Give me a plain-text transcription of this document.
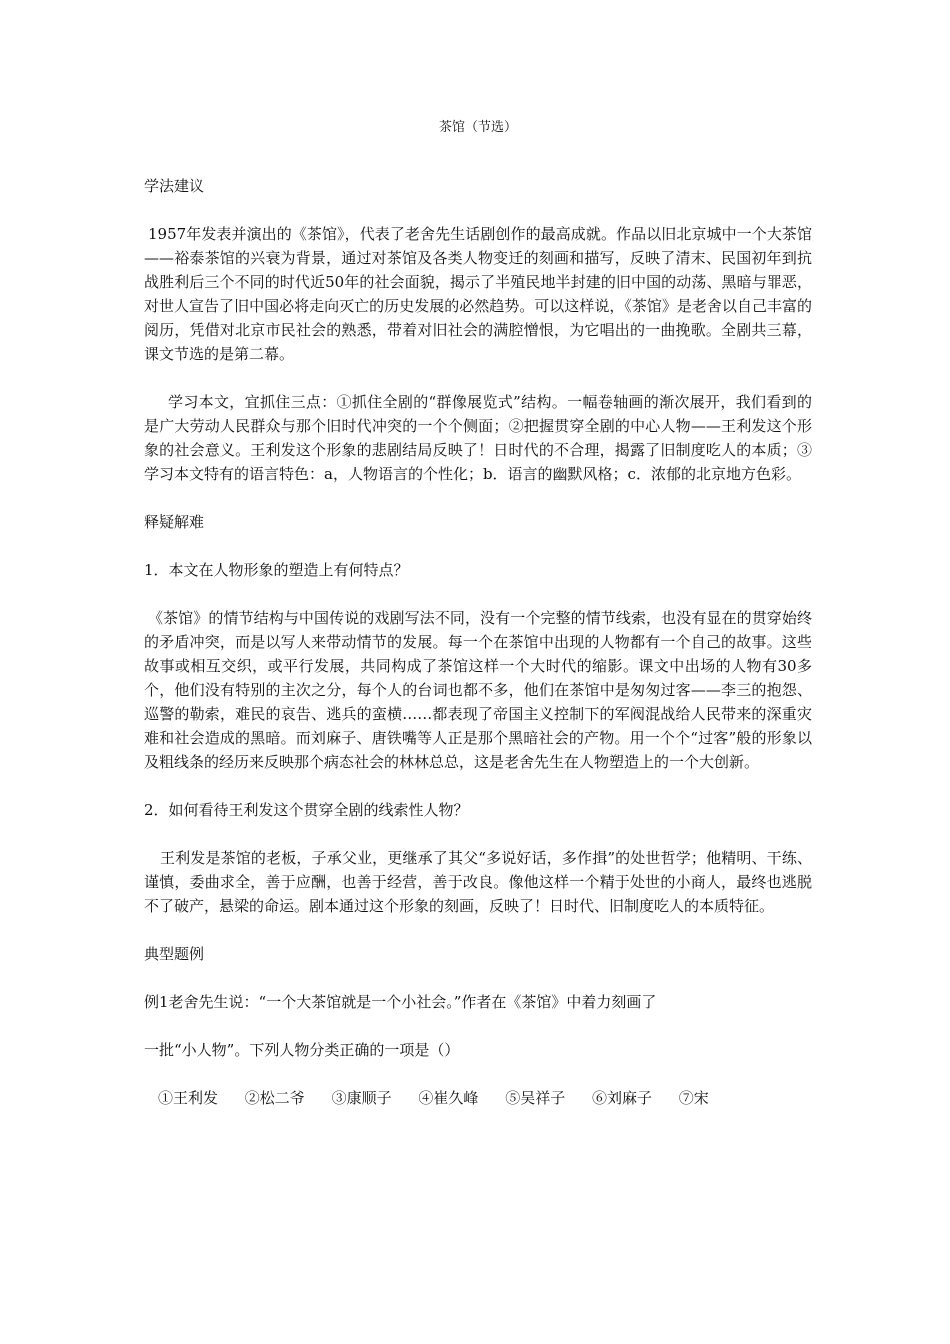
茶馆（节选）
学法建议
1957年发表并演出的《茶馆》，代表了老舍先生话剧创作的最高成就。作品以旧北京城中一个大茶馆——裕泰茶馆的兴衰为背景，通过对茶馆及各类人物变迁的刻画和描写，反映了清末、民国初年到抗战胜利后三个不同的时代近50年的社会面貌，揭示了半殖民地半封建的旧中国的动荡、黑暗与罪恶，对世人宣告了旧中国必将走向灭亡的历史发展的必然趋势。可以这样说，《茶馆》是老舍以自己丰富的阅历，凭借对北京市民社会的熟悉，带着对旧社会的满腔憎恨，为它唱出的一曲挽歌。全剧共三幕，课文节选的是第二幕。
学习本文，宜抓住三点：①抓住全剧的“群像展览式”结构。一幅卷轴画的渐次展开，我们看到的是广大劳动人民群众与那个旧时代冲突的一个个侧面；②把握贯穿全剧的中心人物——王利发这个形象的社会意义。王利发这个形象的悲剧结局反映了！日时代的不合理，揭露了旧制度吃人的本质；③学习本文特有的语言特色：a，人物语言的个性化；b．语言的幽默风格；c．浓郁的北京地方色彩。
释疑解难
1．本文在人物形象的塑造上有何特点？
《茶馆》的情节结构与中国传说的戏剧写法不同，没有一个完整的情节线索，也没有显在的贯穿始终的矛盾冲突，而是以写人来带动情节的发展。每一个在茶馆中出现的人物都有一个自己的故事。这些故事或相互交织，或平行发展，共同构成了茶馆这样一个大时代的缩影。课文中出场的人物有30多个，他们没有特别的主次之分，每个人的台词也都不多，他们在茶馆中是匆匆过客——李三的抱怨、巡警的勒索，难民的哀告、逃兵的蛮横……都表现了帝国主义控制下的军阀混战给人民带来的深重灾难和社会造成的黑暗。而刘麻子、唐铁嘴等人正是那个黑暗社会的产物。用一个个“过客”般的形象以及粗线条的经历来反映那个病态社会的林林总总，这是老舍先生在人物塑造上的一个大创新。
2．如何看待王利发这个贯穿全剧的线索性人物？
王利发是茶馆的老板，子承父业，更继承了其父“多说好话，多作揖”的处世哲学；他精明、干练、谨慎，委曲求全，善于应酬，也善于经营，善于改良。像他这样一个精于处世的小商人，最终也逃脱不了破产，悬梁的命运。剧本通过这个形象的刻画，反映了！日时代、旧制度吃人的本质特征。
典型题例
例1老舍先生说：“一个大茶馆就是一个小社会。”作者在《茶馆》中着力刻画了
一批“小人物”。下列人物分类正确的一项是（）
①王利发 ②松二爷 ③康顺子 ④崔久峰 ⑤吴祥子 ⑥刘麻子 ⑦宋
